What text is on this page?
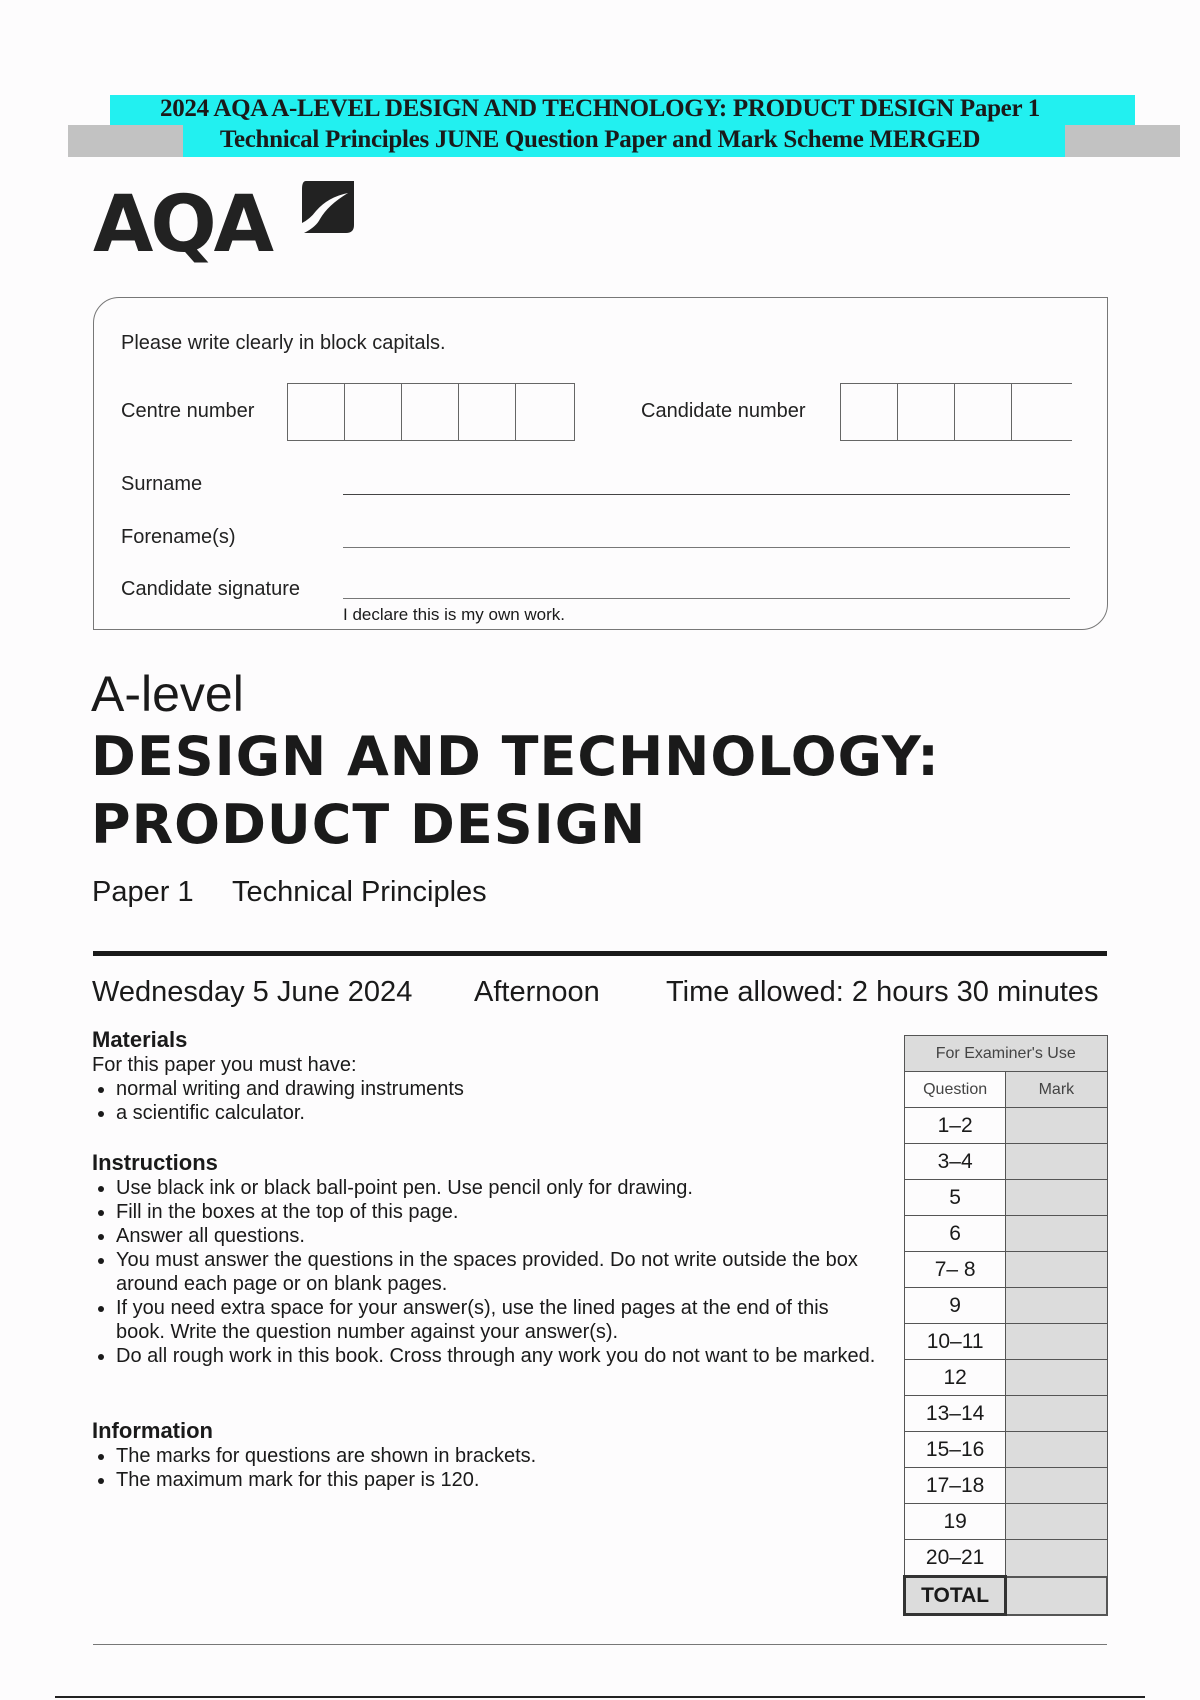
2024 AQA A-LEVEL DESIGN AND TECHNOLOGY: PRODUCT DESIGN Paper 1
Technical Principles JUNE Question Paper and Mark Scheme MERGED
AQA
Please write clearly in block capitals.
Centre number	Candidate number
Surname
Forename(s)
Candidate signature
I declare this is my own work.
A-level
DESIGN AND TECHNOLOGY:
PRODUCT DESIGN
Paper 1 Technical Principles
Wednesday 5 June 2024 Afternoon Time allowed: 2 hours 30 minutes
Materials
For this paper you must have:
• normal writing and drawing instruments
• a scientific calculator.
Instructions
• Use black ink or black ball-point pen. Use pencil only for drawing.
• Fill in the boxes at the top of this page.
• Answer all questions.
• You must answer the questions in the spaces provided. Do not write outside the box around each page or on blank pages.
• If you need extra space for your answer(s), use the lined pages at the end of this book. Write the question number against your answer(s).
• Do all rough work in this book. Cross through any work you do not want to be marked.
Information
• The marks for questions are shown in brackets.
• The maximum mark for this paper is 120.
For Examiner's Use	
Question	Mark
1–2	
3–4	
5	
6	
7– 8	
9	
10–11	
12	
13–14	
15–16	
17–18	
19	
20–21	
TOTAL	
